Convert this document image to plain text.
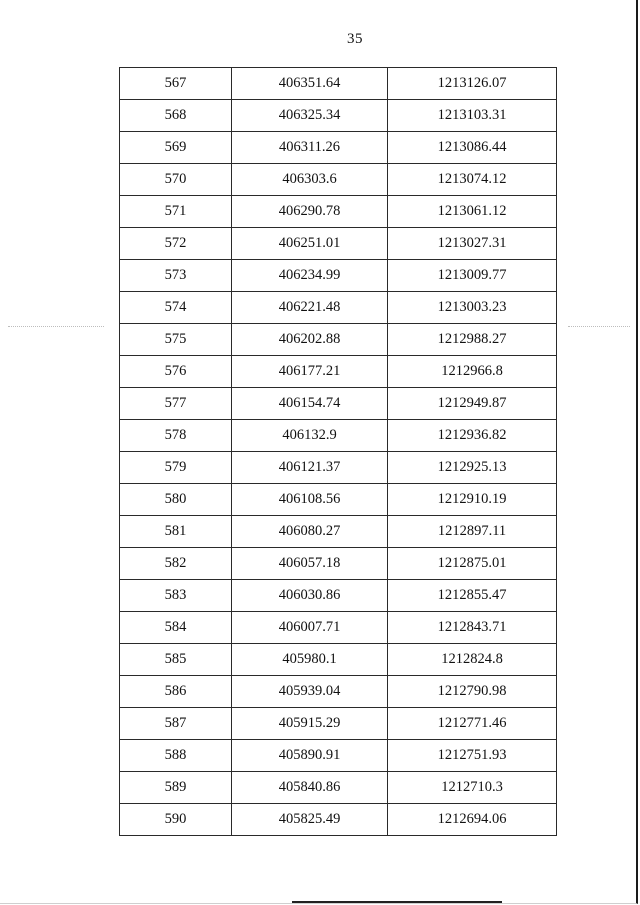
35
567	406351.64	1213126.07
568	406325.34	1213103.31
569	406311.26	1213086.44
570	406303.6	1213074.12
571	406290.78	1213061.12
572	406251.01	1213027.31
573	406234.99	1213009.77
574	406221.48	1213003.23
575	406202.88	1212988.27
576	406177.21	1212966.8
577	406154.74	1212949.87
578	406132.9	1212936.82
579	406121.37	1212925.13
580	406108.56	1212910.19
581	406080.27	1212897.11
582	406057.18	1212875.01
583	406030.86	1212855.47
584	406007.71	1212843.71
585	405980.1	1212824.8
586	405939.04	1212790.98
587	405915.29	1212771.46
588	405890.91	1212751.93
589	405840.86	1212710.3
590	405825.49	1212694.06
